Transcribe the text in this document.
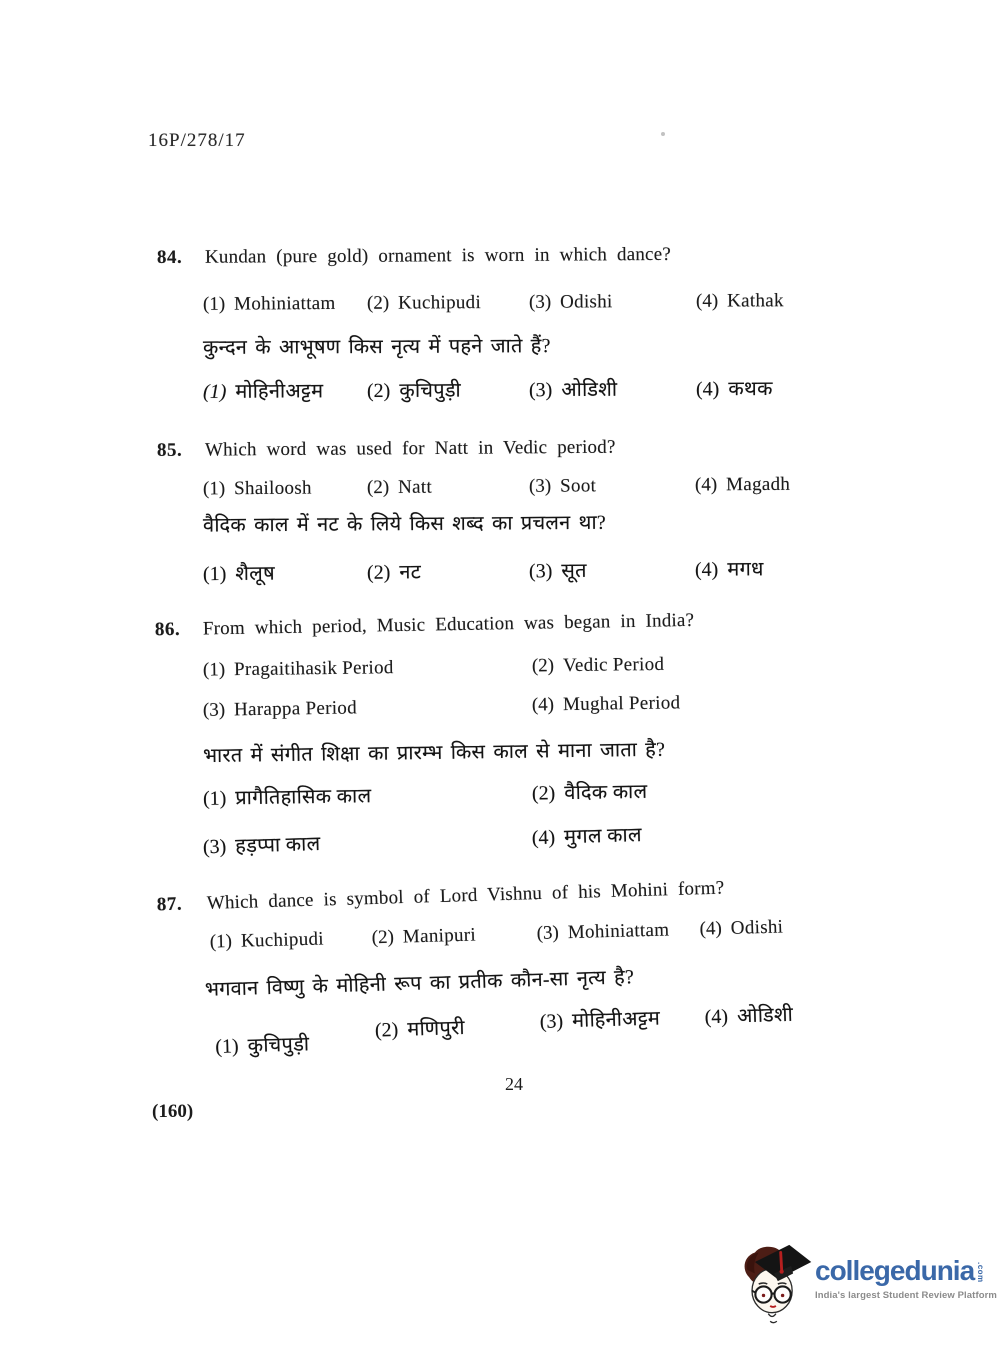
16P/278/17
84. Kundan (pure gold) ornament is worn in which dance?
(1) Mohiniattam (2) Kuchipudi	(3) Odishi	(4) Kathak
कुन्दन के आभूषण किस नृत्य में पहने जाते हैं?
(1) मोहिनीअट्टम (2) कुचिपुड़ी	(3) ओडिशी	(4) कथक
85. Which word was used for Natt in Vedic period?
(1) Shailoosh	(2) Natt	(3) Soot	(4) Magadh
वैदिक काल में नट के लिये किस शब्द का प्रचलन था?
(1) शैलूष	(2) नट	(3) सूत	(4) मगध
86. From which period, Music Education was began in India?
(1) Pragaitihasik Period	(2) Vedic Period
(3) Harappa Period	(4) Mughal Period
भारत में संगीत शिक्षा का प्रारम्भ किस काल से माना जाता है?
(1) प्रागैतिहासिक काल	(2) वैदिक काल
(3) हड़प्पा काल	(4) मुगल काल
87. Which dance is symbol of Lord Vishnu of his Mohini form?
(1) Kuchipudi (2) Manipuri	(3) Mohiniattam (4) Odishi
भगवान विष्णु के मोहिनी रूप का प्रतीक कौन-सा नृत्य है?
(1) कुचिपुड़ी
(2) मणिपुरी	(3) मोहिनीअट्टम (4) ओडिशी
24
(160)
collegedunia .com
India's largest Student Review Platform
